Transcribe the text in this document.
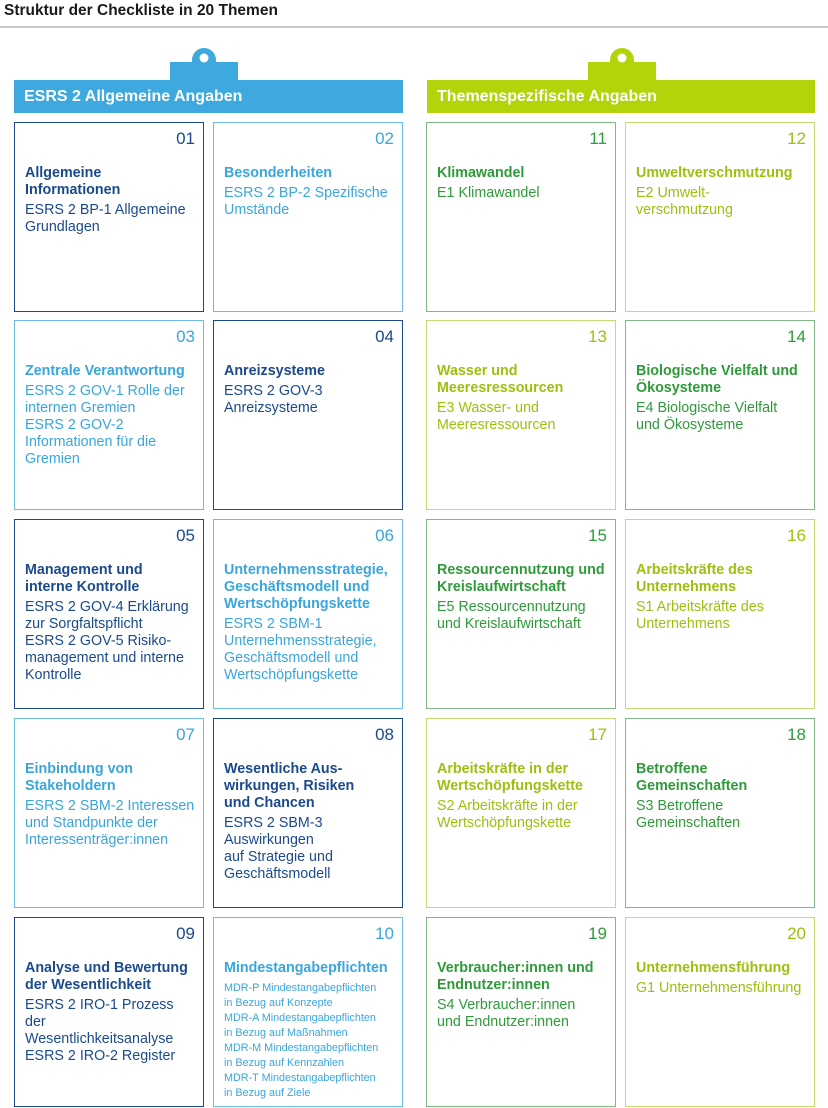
Struktur der Checkliste in 20 Themen
ESRS 2 Allgemeine Angaben	Themenspezifische Angaben
01
Allgemeine
Informationen
ESRS 2 BP-1 Allgemeine
Grundlagen
02
Besonderheiten
ESRS 2 BP-2 Spezifische
Umstände
11
Klimawandel
E1 Klimawandel
12
Umweltverschmutzung
E2 Umwelt-
verschmutzung
03
Zentrale Verantwortung
ESRS 2 GOV-1 Rolle der
internen Gremien
ESRS 2 GOV-2
Informationen für die
Gremien
04
Anreizsysteme
ESRS 2 GOV-3
Anreizsysteme
13
Wasser und
Meeresressourcen
E3 Wasser- und
Meeresressourcen
14
Biologische Vielfalt und
Ökosysteme
E4 Biologische Vielfalt
und Ökosysteme
05
Management und
interne Kontrolle
ESRS 2 GOV-4 Erklärung
zur Sorgfaltspflicht
ESRS 2 GOV-5 Risiko-
management und interne
Kontrolle
06
Unternehmensstrategie,
Geschäftsmodell und
Wertschöpfungskette
ESRS 2 SBM-1
Unternehmensstrategie,
Geschäftsmodell und
Wertschöpfungskette
15
Ressourcennutzung und
Kreislaufwirtschaft
E5 Ressourcennutzung
und Kreislaufwirtschaft
16
Arbeitskräfte des
Unternehmens
S1 Arbeitskräfte des
Unternehmens
07
Einbindung von
Stakeholdern
ESRS 2 SBM-2 Interessen
und Standpunkte der
Interessenträger:innen
08
Wesentliche Aus-
wirkungen, Risiken
und Chancen
ESRS 2 SBM-3
Auswirkungen
auf Strategie und
Geschäftsmodell
17
Arbeitskräfte in der
Wertschöpfungskette
S2 Arbeitskräfte in der
Wertschöpfungskette
18
Betroffene
Gemeinschaften
S3 Betroffene
Gemeinschaften
09
Analyse und Bewertung
der Wesentlichkeit
ESRS 2 IRO-1 Prozess der
Wesentlichkeitsanalyse
ESRS 2 IRO-2 Register
10
Mindestangabepflichten
MDR-P Mindestangabepflichten
in Bezug auf Konzepte
MDR-A Mindestangabepflichten
in Bezug auf Maßnahmen
MDR-M Mindestangabepflichten
in Bezug auf Kennzahlen
MDR-T Mindestangabepflichten
in Bezug auf Ziele
19
Verbraucher:innen und
Endnutzer:innen
S4 Verbraucher:innen
und Endnutzer:innen
20
Unternehmensführung
G1 Unternehmensführung
